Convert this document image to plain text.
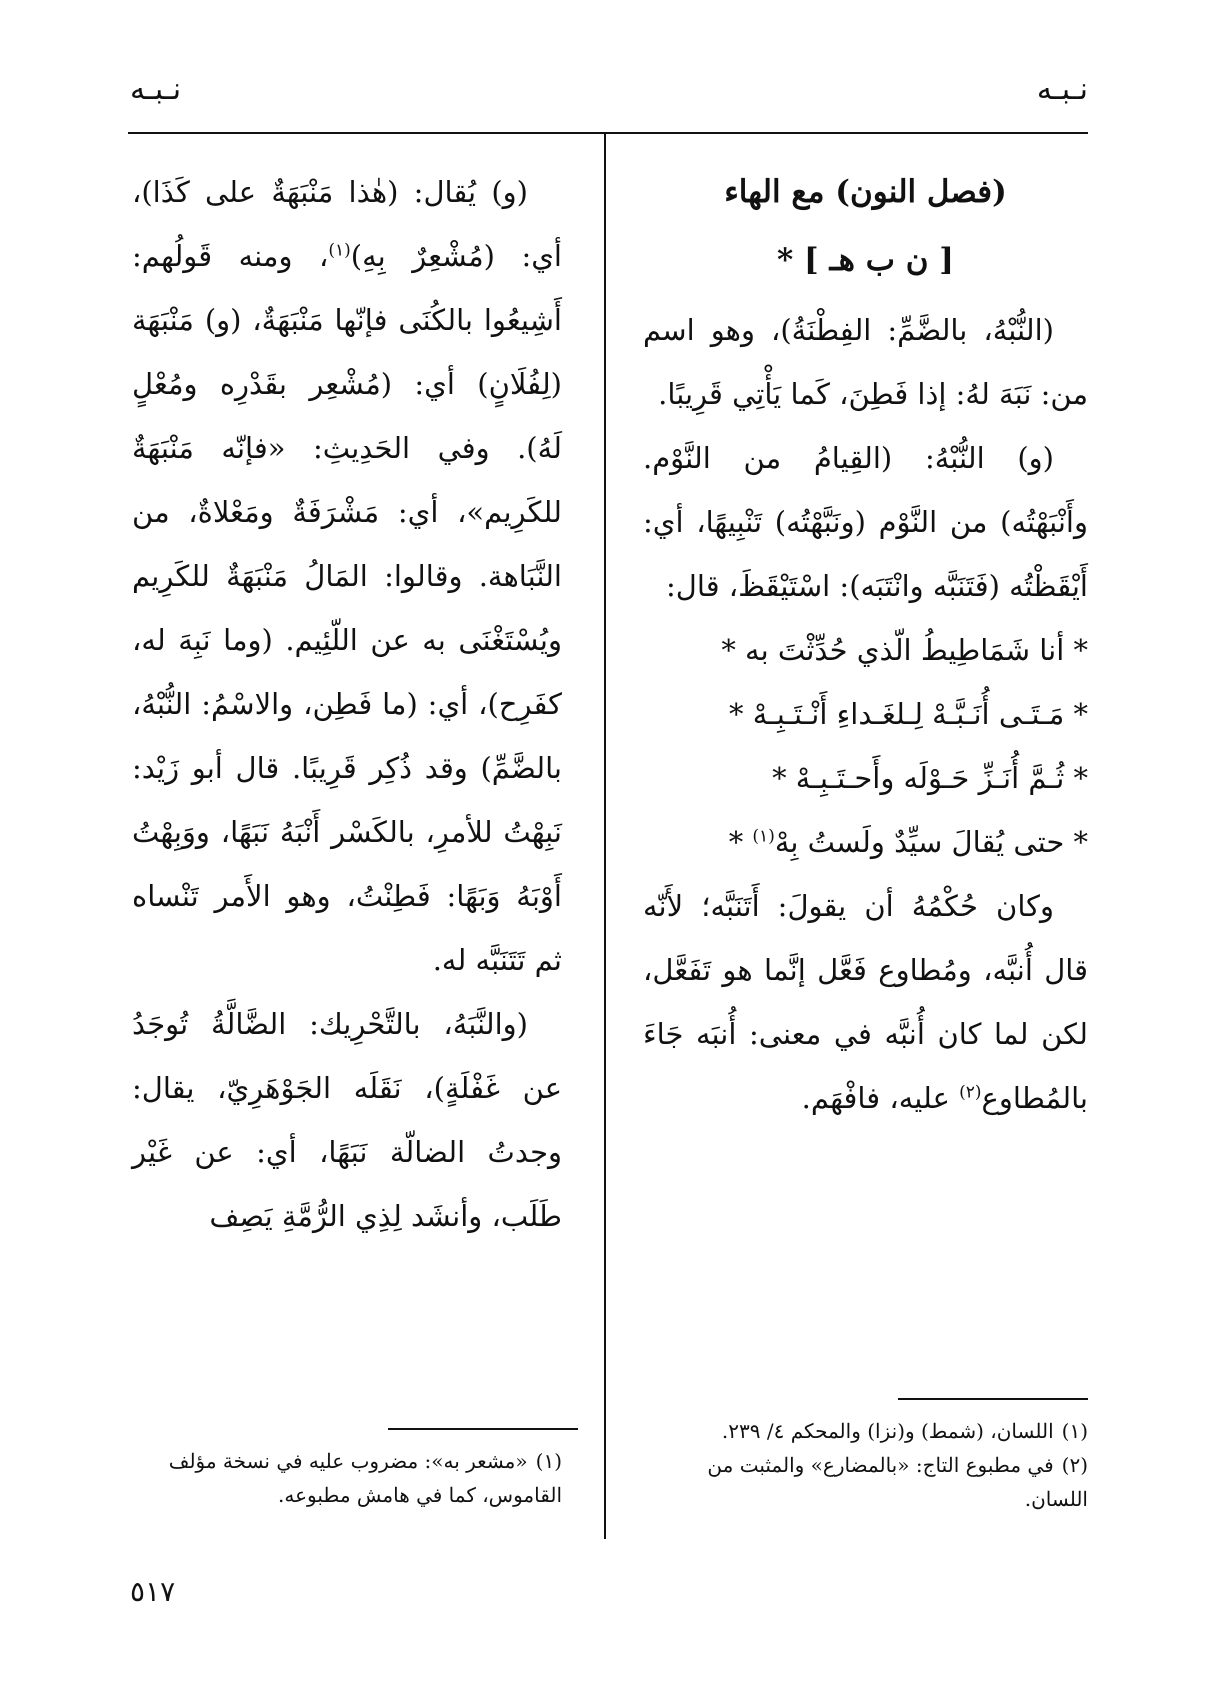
نـبـه
نـبـه

(فصل النون) مع الهاء

[ ن ب هـ ] *

(النُّبْهُ، بالضَّمِّ: الفِطْنَةُ)، وهو اسم من: نَبَهَ لهُ: إذا فَطِنَ، كَما يَأْتِي قَرِيبًا.

(و) النُّبْهُ: (القِيامُ من النَّوْم. وأَنْبَهْتُه) من النَّوْم (ونَبَّهْتُه) تَنْبِيهًا، أي: أَيْقَظْتُه (فَتَنَبَّه وانْتَبَه): اسْتَيْقَظَ، قال:

* أنا شَمَاطِيطُ الّذي حُدِّثْتَ به *

* مَـتَـى أُنَـبَّـهْ لِـلغَـداءِ أَنْـتَـبِـهْ *

* ثُـمَّ أُنَـزِّ حَـوْلَه وأَحـتَـبِـهْ *

* حتى يُقالَ سيِّدٌ ولَستُ بِهْ$^{(١)}$ *

وكان حُكْمُهُ أن يقولَ: أَتَنَبَّه؛ لأَنّه قال أُنبَّه، ومُطاوع فَعَّل إنَّما هو تَفَعَّل، لكن لما كان أُنبَّه في معنى: أُنبَه جَاءَ بالمُطاوع$^{(٢)}$ عليه، فافْهَم.

(١)اللسان، (شمط) و(نزا) والمحكم ٤/ ٢٣٩.

(٢)في مطبوع التاج: «بالمضارع» والمثبت من اللسان.

(و) يُقال: (هٰذا مَنْبَهَةٌ على كَذَا)، أي: (مُشْعِرٌ بِهِ)$^{(١)}$، ومنه قَولُهم: أَشِيعُوا بالكُنَى فإنّها مَنْبَهَةٌ، (و) مَنْبَهَة (لِفُلَانٍ) أي: (مُشْعِر بقَدْرِه ومُعْلٍ لَهُ). وفي الحَدِيثِ: «فإنّه مَنْبَهَةٌ للكَرِيم»، أي: مَشْرَفَةٌ ومَعْلاةٌ، من النَّبَاهة. وقالوا: المَالُ مَنْبَهَةٌ للكَرِيم ويُسْتَغْنَى به عن اللّئِيم. (وما نَبِهَ له، كفَرِح)، أي: (ما فَطِن، والاسْمُ: النُّبْهُ، بالضَّمِّ) وقد ذُكِر قَرِيبًا. قال أبو زَيْد: نَبِهْتُ للأمرِ، بالكَسْر أَنْبَهُ نَبَهًا، ووَبِهْتُ أَوْبَهُ وَبَهًا: فَطِنْتُ، وهو الأَمر تَنْساه ثم تَتَنَبَّه له.

(والنَّبَهُ، بالتَّحْرِيك: الضَّالَّةُ تُوجَدُ عن غَفْلَةٍ)، نَقَلَه الجَوْهَرِيّ، يقال: وجدتُ الضالّة نَبَهًا، أي: عن غَيْر طَلَب، وأنشَد لِذِي الرُّمَّةِ يَصِف

(١)«مشعر به»: مضروب عليه في نسخة مؤلف القاموس، كما في هامش مطبوعه.

٥١٧
